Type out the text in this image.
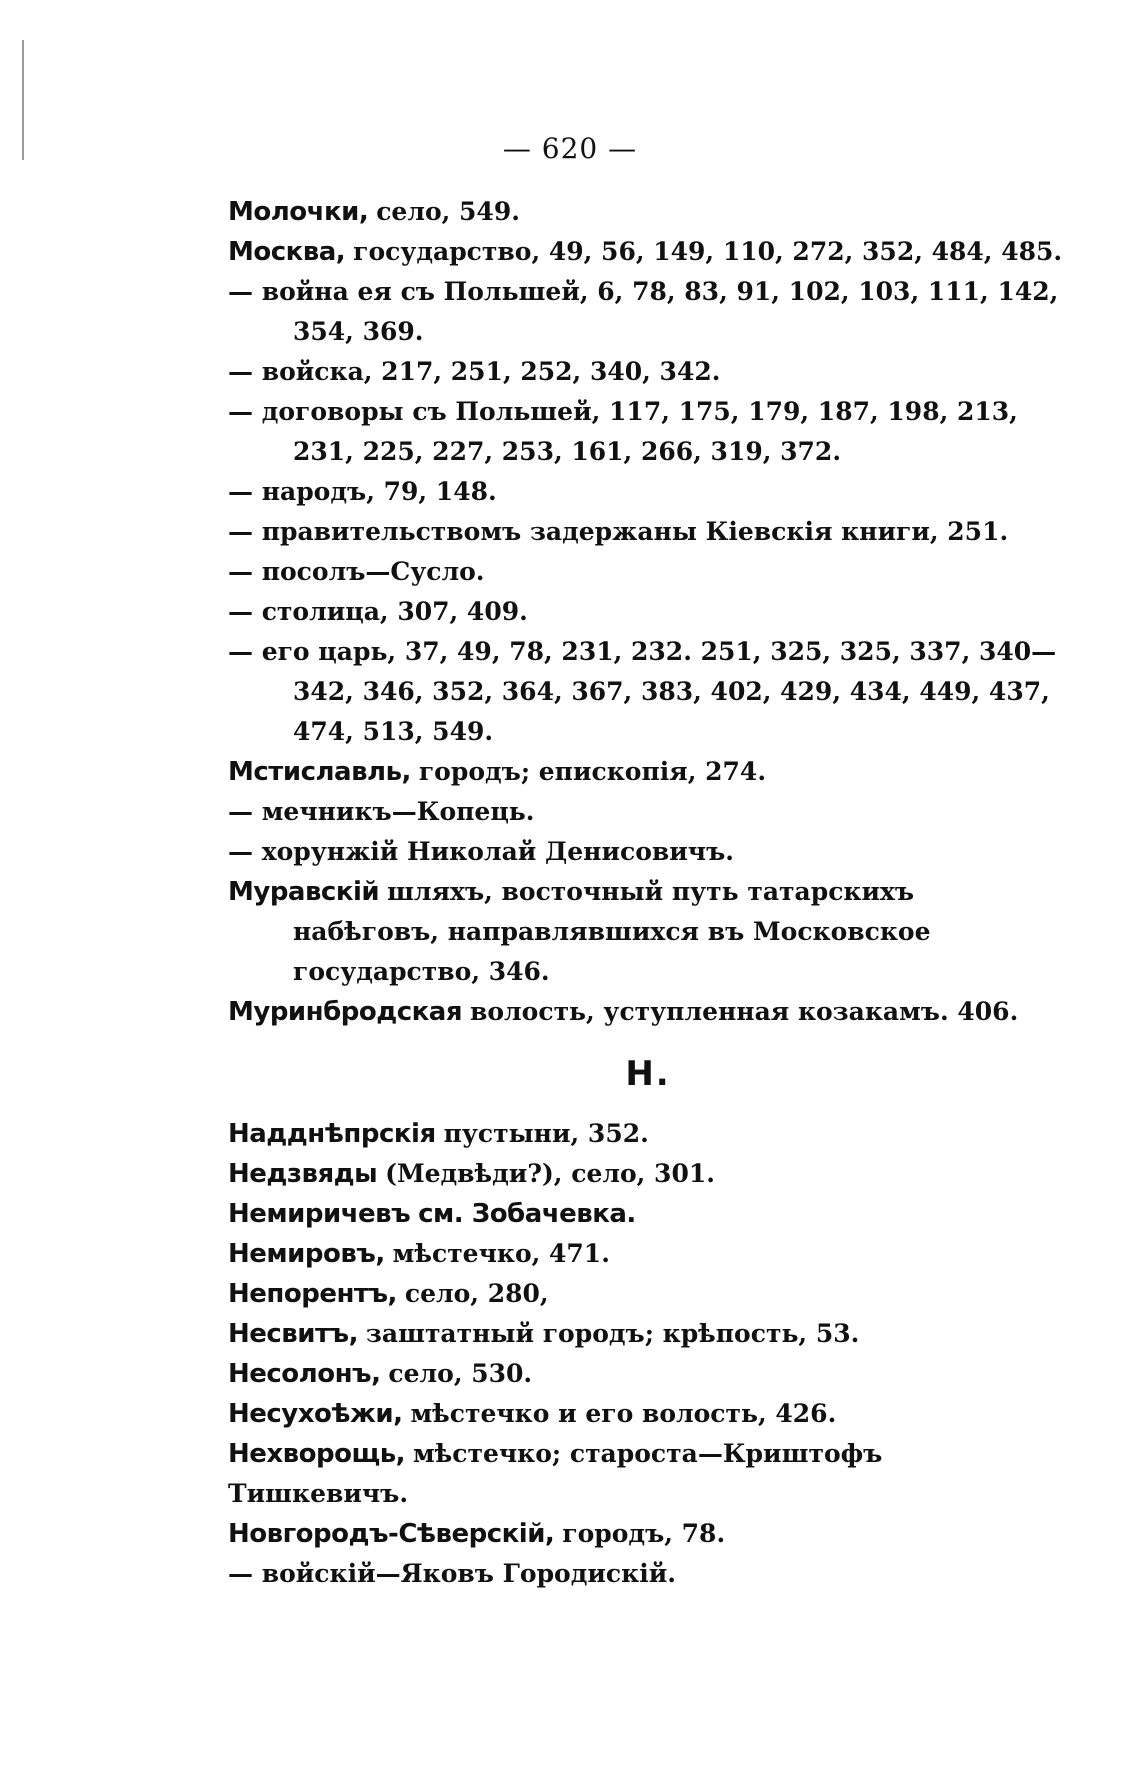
— 620 —

Молочки, село, 549.

Москва, государство, 49, 56, 149, 110, 272, 352, 484, 485.

— война ея съ Польшей, 6, 78, 83, 91, 102, 103, 111, 142, 354, 369.

— войска, 217, 251, 252, 340, 342.

— договоры съ Польшей, 117, 175, 179, 187, 198, 213, 231, 225, 227, 253, 161, 266, 319, 372.

— народъ, 79, 148.

— правительствомъ задержаны Кіевскія книги, 251.

— посолъ—Сусло.

— столица, 307, 409.

— его царь, 37, 49, 78, 231, 232. 251, 325, 325, 337, 340—342, 346, 352, 364, 367, 383, 402, 429, 434, 449, 437, 474, 513, 549.

Мстиславль, городъ; епископія, 274.

— мечникъ—Копець.

— хорунжій Николай Денисовичъ.

Муравскій шляхъ, восточный путь татарскихъ набѣговъ, направлявшихся въ Московское государство, 346.

Муринбродская волость, уступленная козакамъ. 406.

Н.

Надднѣпрскія пустыни, 352.

Недзвяды (Медвѣди?), село, 301.

Немиричевъ см. Зобачевка.

Немировъ, мѣстечко, 471.

Непорентъ, село, 280,

Несвитъ, заштатный городъ; крѣпость, 53.

Несолонъ, село, 530.

Несухоѣжи, мѣстечко и его волость, 426.

Нехворощь, мѣстечко; староста—Криштофъ Тишкевичъ.

Новгородъ-Сѣверскій, городъ, 78.

— войскій—Яковъ Городискій.
